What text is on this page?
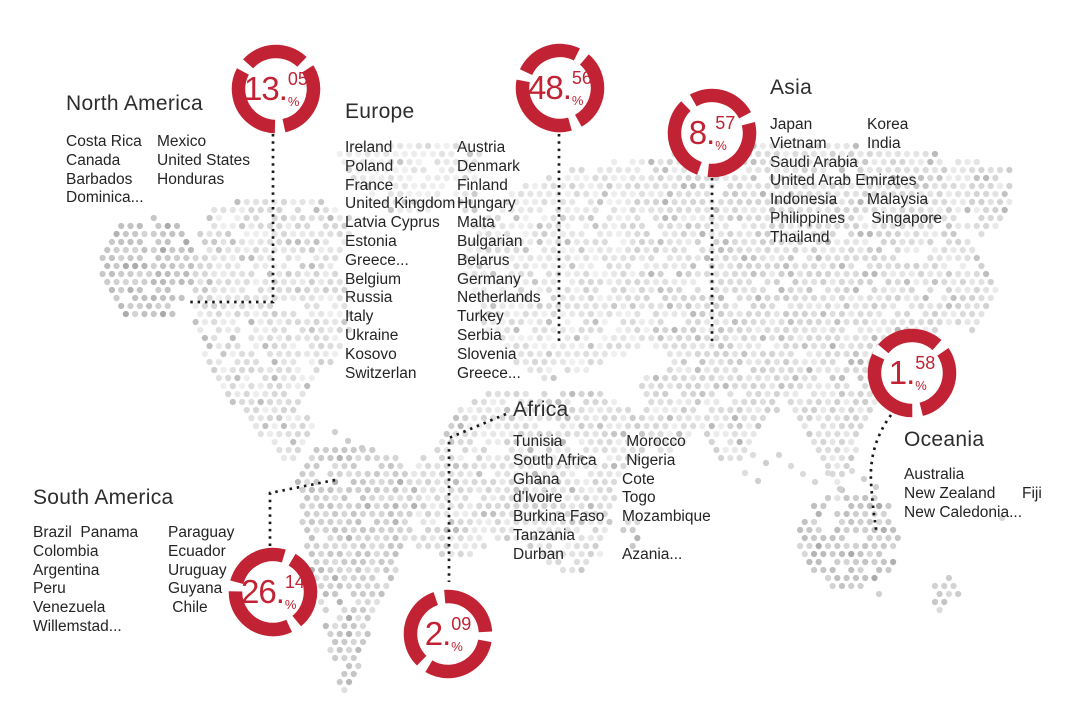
North America
Costa Rica Mexico
Canada	United States
Barbados	Honduras
Dominica...
Europe
Ireland	Austria
Poland	Denmark
France	Finland
United Kingdom Hungary
Latvia Cyprus	Malta
Estonia	Bulgarian
Greece...	Belarus
Belgium	Germany
Russia	Netherlands
Italy	Turkey
Ukraine	Serbia
Kosovo	Slovenia
Switzerlan	Greece...
Asia
Japan	Korea
Vietnam	India
Saudi Arabia
United Arab Emirates
Indonesia	Malaysia
Philippines	Singapore
Thailand
Oceania
Australia
New Zealand	Fiji
New Caledonia...
South America
Brazil  Panama	Paraguay
Colombia	Ecuador
Argentina	Uruguay
Peru	Guyana
Venezuela	Chile
Willemstad...
Africa
Tunisia	Morocco
South Africa	Nigeria
Ghana	Cote
d'Ivoire	Togo
Burkina Faso	Mozambique
Tanzania
Durban	Azania...
13. 05
%	48. 56
%
8. 57
%
1. 58
%
26. 14
%
2. 09
%
